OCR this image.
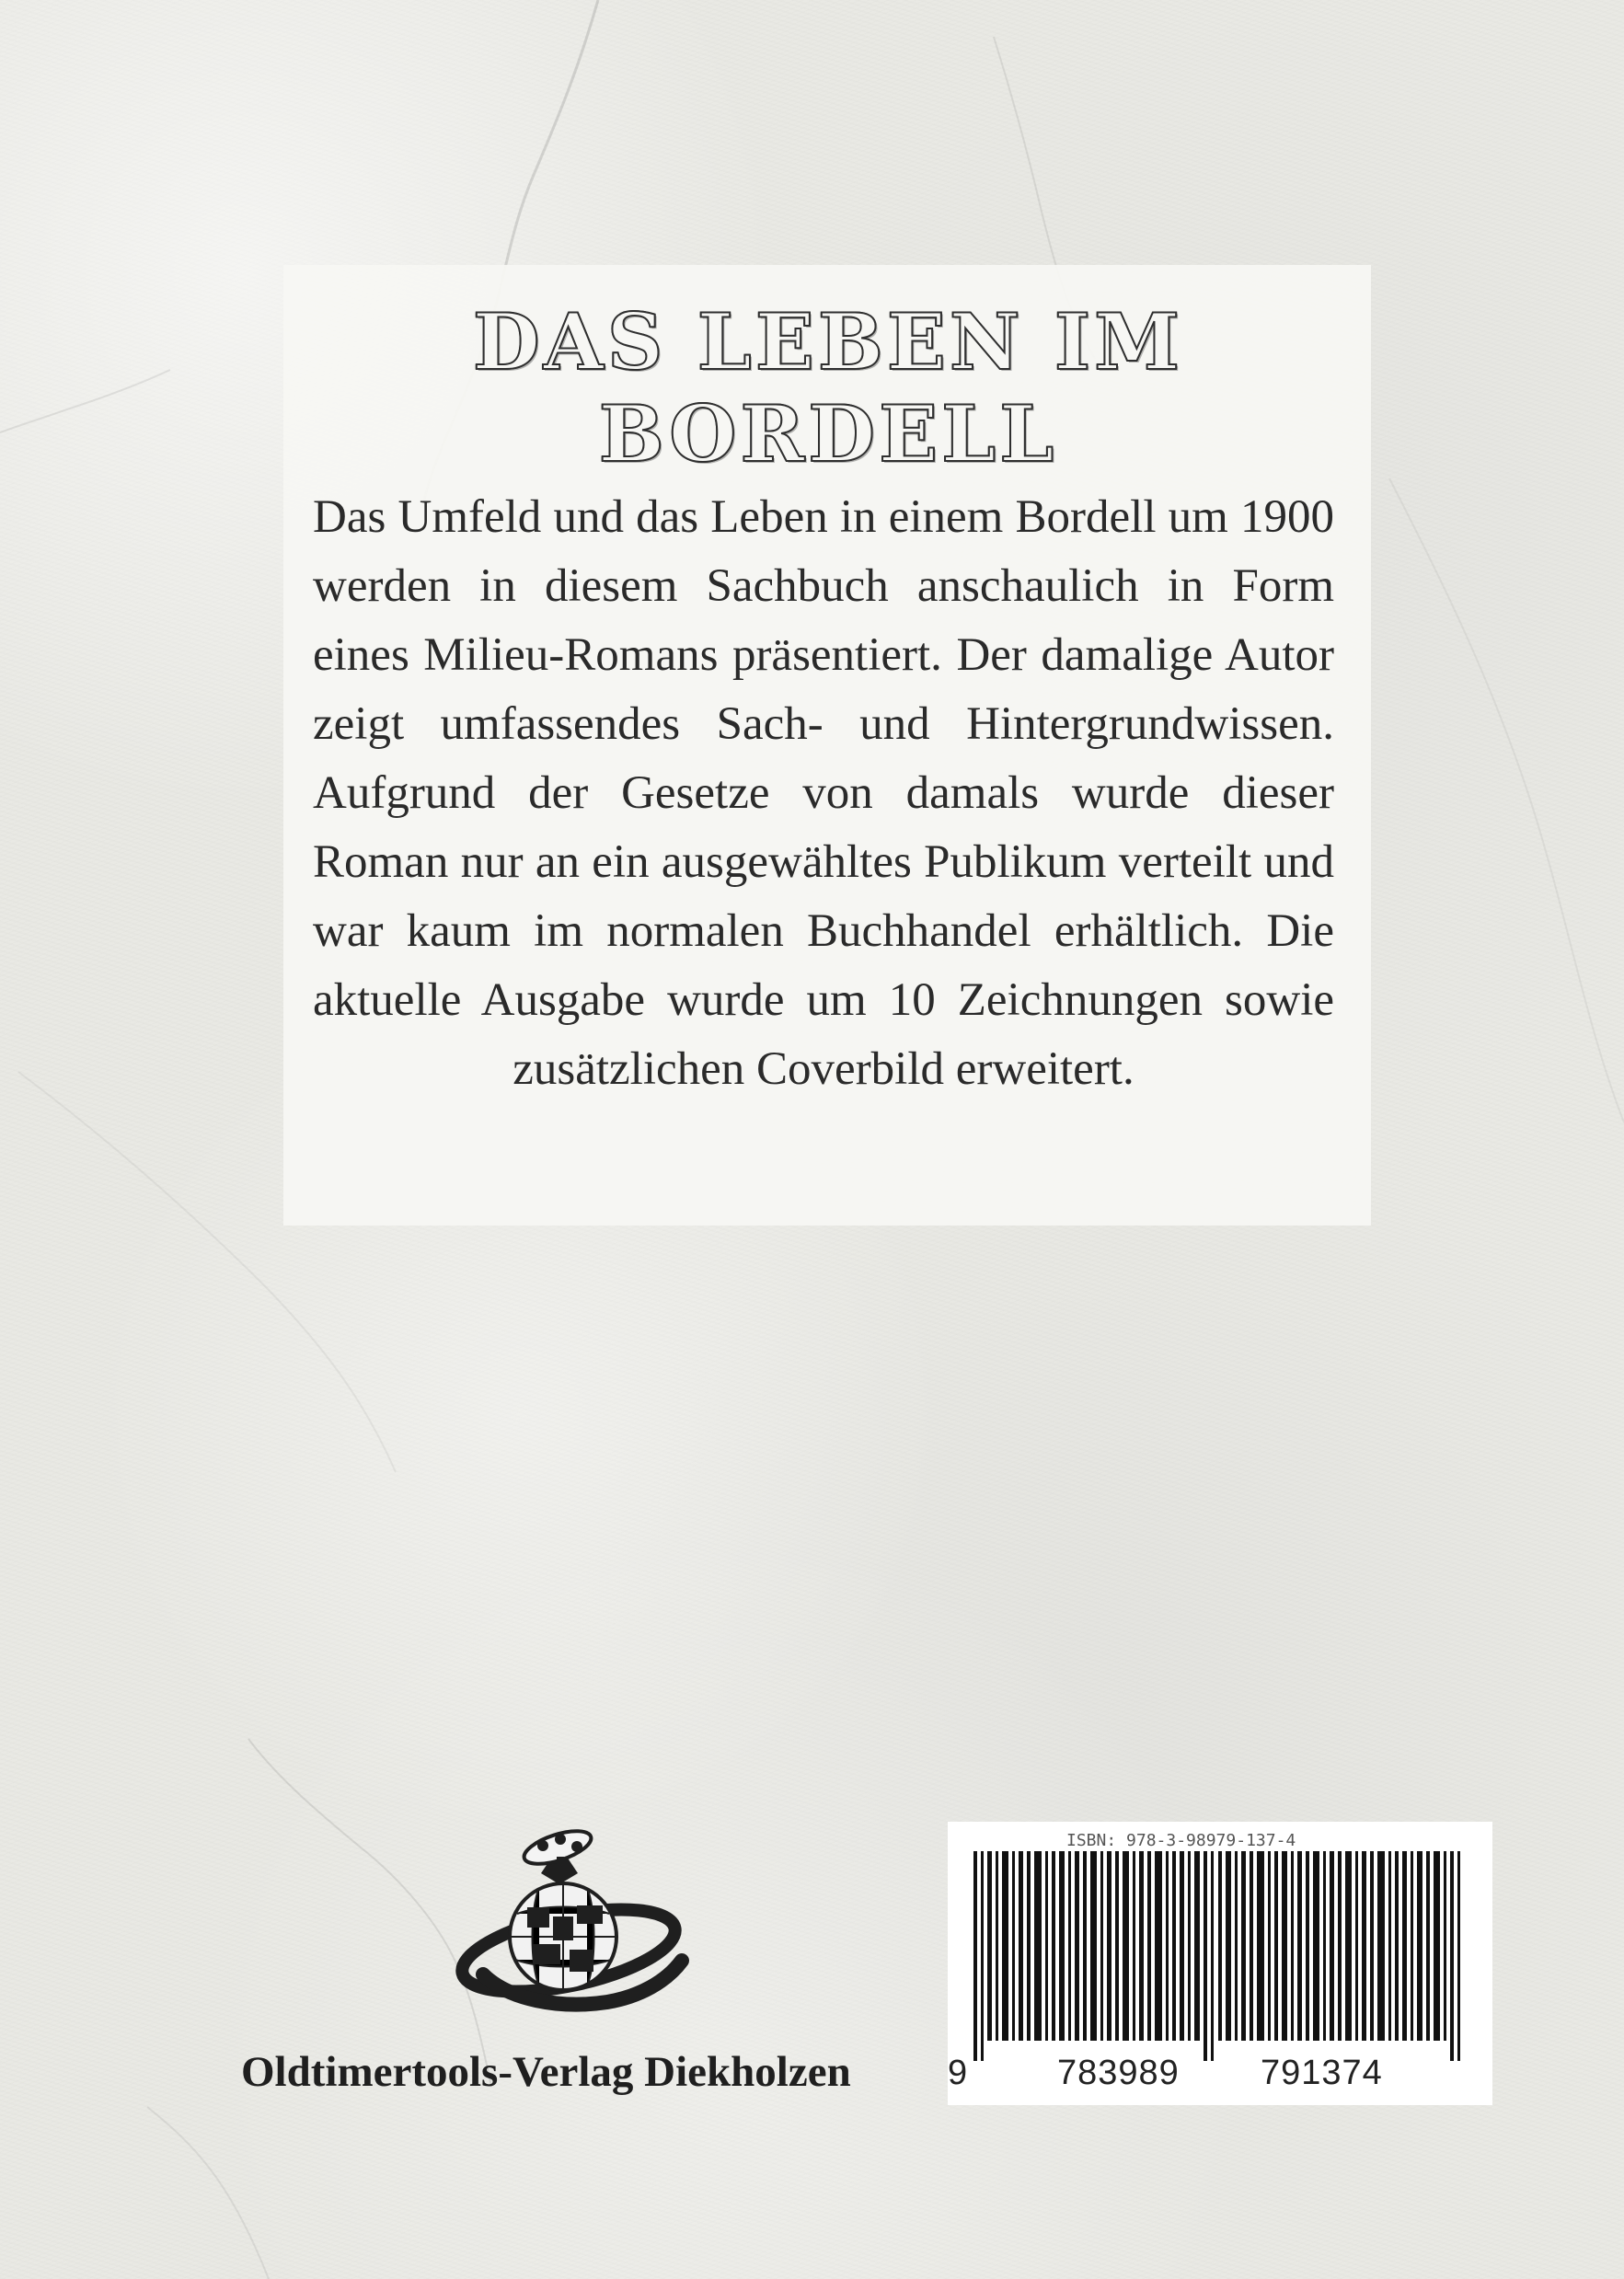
DAS LEBEN IM BORDELL
Das Umfeld und das Leben in einem Bordell um 1900 werden in diesem Sachbuch anschaulich in Form eines Milieu-Romans präsentiert. Der damalige Autor zeigt umfassendes Sach- und Hintergrundwissen. Aufgrund der Gesetze von damals wurde dieser Roman nur an ein ausgewähltes Publikum verteilt und war kaum im normalen Buchhandel erhältlich. Die aktuelle Ausgabe wurde um 10 Zeichnungen sowie zusätzlichen Coverbild erweitert.
Oldtimertools-Verlag Diekholzen
ISBN: 978-3-98979-137-4
9	783989 791374
